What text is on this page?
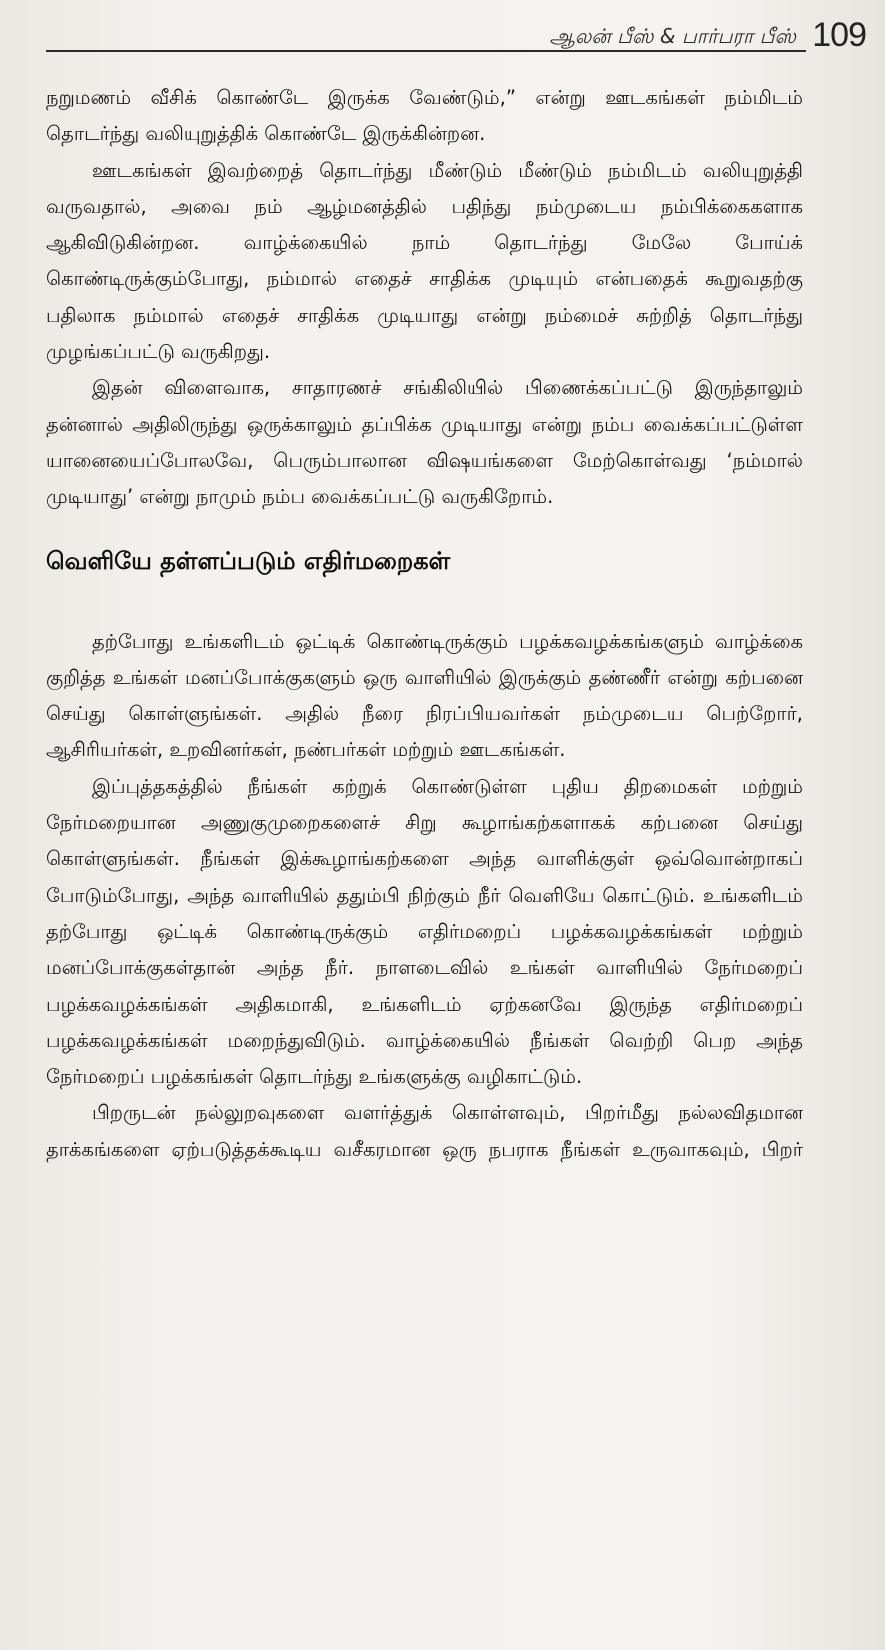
ஆலன் பீஸ் & பார்பரா பீஸ் 109

நறுமணம் வீசிக் கொண்டே இருக்க வேண்டும்,” என்று ஊடகங்கள் நம்மிடம் தொடர்ந்து வலியுறுத்திக் கொண்டே இருக்கின்றன.

ஊடகங்கள் இவற்றைத் தொடர்ந்து மீண்டும் மீண்டும் நம்மிடம் வலியுறுத்தி வருவதால், அவை நம் ஆழ்மனத்தில் பதிந்து நம்முடைய நம்பிக்கைகளாக ஆகிவிடுகின்றன. வாழ்க்கையில் நாம் தொடர்ந்து மேலே போய்க் கொண்டிருக்கும்போது, நம்மால் எதைச் சாதிக்க முடியும் என்பதைக் கூறுவதற்கு பதிலாக நம்மால் எதைச் சாதிக்க முடியாது என்று நம்மைச் சுற்றித் தொடர்ந்து முழங்கப்பட்டு வருகிறது.

இதன் விளைவாக, சாதாரணச் சங்கிலியில் பிணைக்கப்பட்டு இருந்தாலும் தன்னால் அதிலிருந்து ஒருக்காலும் தப்பிக்க முடியாது என்று நம்ப வைக்கப்பட்டுள்ள யானையைப்போலவே, பெரும்பாலான விஷயங்களை மேற்கொள்வது ‘நம்மால் முடியாது’ என்று நாமும் நம்ப வைக்கப்பட்டு வருகிறோம்.

வெளியே தள்ளப்படும் எதிர்மறைகள்

தற்போது உங்களிடம் ஒட்டிக் கொண்டிருக்கும் பழக்கவழக்கங்களும் வாழ்க்கை குறித்த உங்கள் மனப்போக்குகளும் ஒரு வாளியில் இருக்கும் தண்ணீர் என்று கற்பனை செய்து கொள்ளுங்கள். அதில் நீரை நிரப்பியவர்கள் நம்முடைய பெற்றோர், ஆசிரியர்கள், உறவினர்கள், நண்பர்கள் மற்றும் ஊடகங்கள்.

இப்புத்தகத்தில் நீங்கள் கற்றுக் கொண்டுள்ள புதிய திறமைகள் மற்றும் நேர்மறையான அணுகுமுறைகளைச் சிறு கூழாங்கற்களாகக் கற்பனை செய்து கொள்ளுங்கள். நீங்கள் இக்கூழாங்கற்களை அந்த வாளிக்குள் ஒவ்வொன்றாகப் போடும்போது, அந்த வாளியில் ததும்பி நிற்கும் நீர் வெளியே கொட்டும். உங்களிடம் தற்போது ஒட்டிக் கொண்டிருக்கும் எதிர்மறைப் பழக்கவழக்கங்கள் மற்றும் மனப்போக்குகள்தான் அந்த நீர். நாளடைவில் உங்கள் வாளியில் நேர்மறைப் பழக்கவழக்கங்கள் அதிகமாகி, உங்களிடம் ஏற்கனவே இருந்த எதிர்மறைப் பழக்கவழக்கங்கள் மறைந்துவிடும். வாழ்க்கையில் நீங்கள் வெற்றி பெற அந்த நேர்மறைப் பழக்கங்கள் தொடர்ந்து உங்களுக்கு வழிகாட்டும்.

பிறருடன் நல்லுறவுகளை வளர்த்துக் கொள்ளவும், பிறர்மீது நல்லவிதமான தாக்கங்களை ஏற்படுத்தக்கூடிய வசீகரமான ஒரு நபராக நீங்கள் உருவாகவும், பிறர்
